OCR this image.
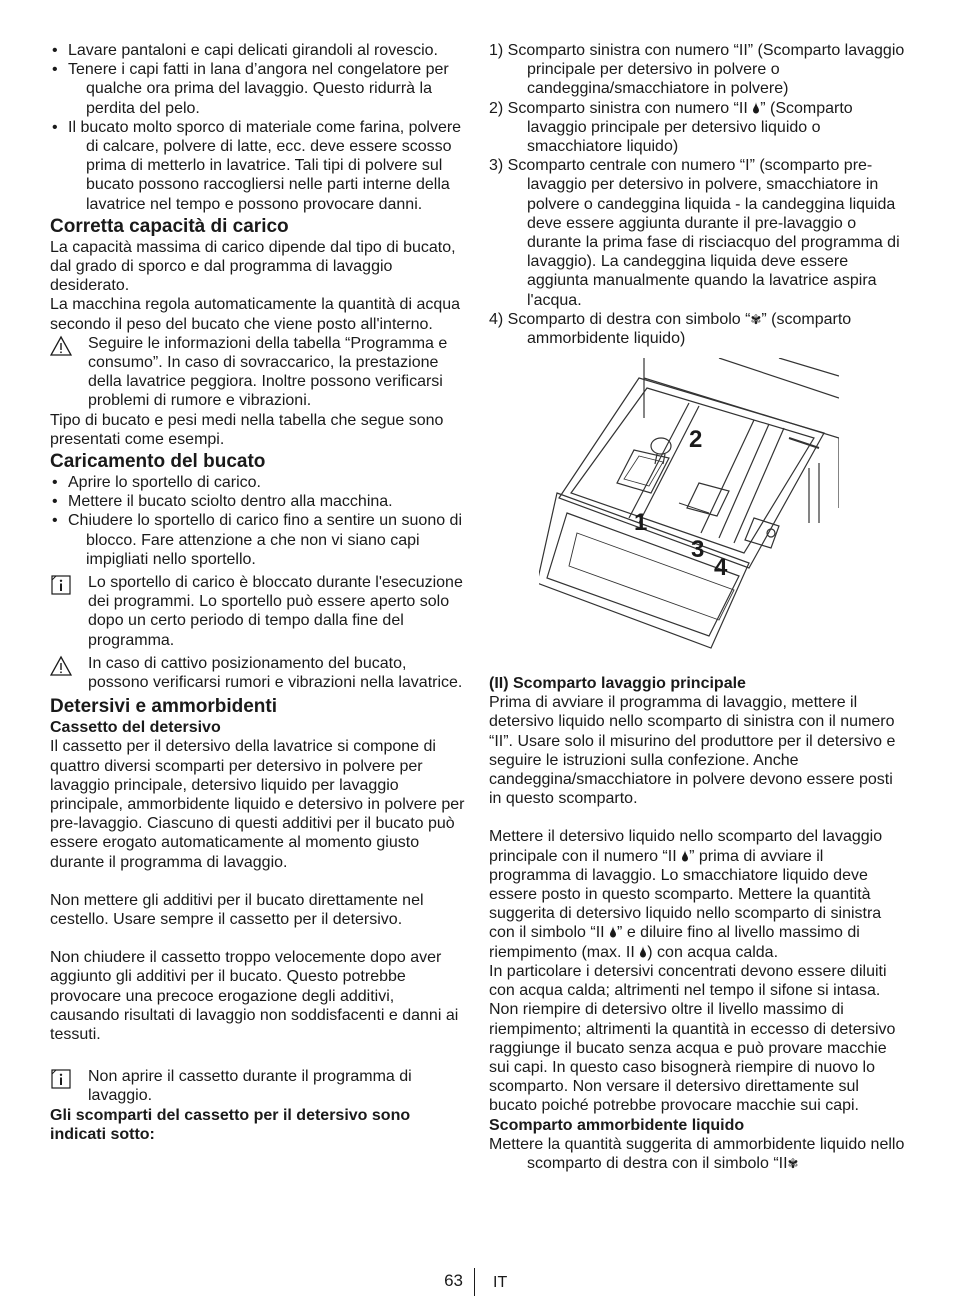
• Lavare pantaloni e capi delicati girandoli al rovescio.
• Tenere i capi fatti in lana d’angora nel congelatore per qualche ora prima del lavaggio. Questo ridurrà la perdita del pelo.
• Il bucato molto sporco di materiale come farina, polvere di calcare, polvere di latte, ecc. deve essere scosso prima di metterlo in lavatrice. Tali tipi di polvere sul bucato possono raccogliersi nelle parti interne della lavatrice nel tempo e possono provocare danni.
Corretta capacità di carico

La capacità massima di carico dipende dal tipo di bucato, dal grado di sporco e dal programma di lavaggio desiderato.

La macchina regola automaticamente la quantità di acqua secondo il peso del bucato che viene posto all'interno.

Seguire le informazioni della tabella “Programma e consumo”. In caso di sovraccarico, la prestazione della lavatrice peggiora. Inoltre possono verificarsi problemi di rumore e vibrazioni.

Tipo di bucato e pesi medi nella tabella che segue sono presentati come esempi.

Caricamento del bucato
• Aprire lo sportello di carico.
• Mettere il bucato sciolto dentro alla macchina.
• Chiudere lo sportello di carico fino a sentire un suono di blocco. Fare attenzione a che non vi siano capi impigliati nello sportello.

Lo sportello di carico è bloccato durante l'esecuzione dei programmi. Lo sportello può essere aperto solo dopo un certo periodo di tempo dalla fine del programma.

In caso di cattivo posizionamento del bucato, possono verificarsi rumori e vibrazioni nella lavatrice.

Detersivi e ammorbidenti
Cassetto del detersivo

Il cassetto per il detersivo della lavatrice si compone di quattro diversi scomparti per detersivo in polvere per lavaggio principale, detersivo liquido per lavaggio principale, ammorbidente liquido e detersivo in polvere per pre-lavaggio. Ciascuno di questi additivi per il bucato può essere erogato automaticamente al momento giusto durante il programma di lavaggio.

Non mettere gli additivi per il bucato direttamente nel cestello. Usare sempre il cassetto per il detersivo.

Non chiudere il cassetto troppo velocemente dopo aver aggiunto gli additivi per il bucato. Questo potrebbe provocare una precoce erogazione degli additivi, causando risultati di lavaggio non soddisfacenti e danni ai tessuti.

Non aprire il cassetto durante il programma di lavaggio.

Gli scomparti del cassetto per il detersivo sono indicati sotto:
1) Scomparto sinistra con numero “II” (Scomparto lavaggio principale per detersivo in polvere o candeggina/smacchiatore in polvere)
2) Scomparto sinistra con numero “II ” (Scomparto lavaggio principale per detersivo liquido o smacchiatore liquido)
3) Scomparto centrale con numero “I” (scomparto pre-lavaggio per detersivo in polvere, smacchiatore in polvere o candeggina liquida - la candeggina liquida deve essere aggiunta durante il pre-lavaggio o durante la prima fase di risciacquo del programma di lavaggio). La candeggina liquida deve essere aggiunta manualmente quando la lavatrice aspira l'acqua.
4) Scomparto di destra con simbolo “✾” (scomparto ammorbidente liquido)
2
1
3
4
(II) Scomparto lavaggio principale

Prima di avviare il programma di lavaggio, mettere il detersivo liquido nello scomparto di sinistra con il numero “II”. Usare solo il misurino del produttore per il detersivo e seguire le istruzioni sulla confezione. Anche candeggina/smacchiatore in polvere devono essere posti in questo scomparto.

Mettere il detersivo liquido nello scomparto del lavaggio principale con il numero “II ” prima di avviare il programma di lavaggio. Lo smacchiatore liquido deve essere posto in questo scomparto. Mettere la quantità suggerita di detersivo liquido nello scomparto di sinistra con il simbolo “II ” e diluire fino al livello massimo di riempimento (max. II ) con acqua calda.

In particolare i detersivi concentrati devono essere diluiti con acqua calda; altrimenti nel tempo il sifone si intasa.

Non riempire di detersivo oltre il livello massimo di riempimento; altrimenti la quantità in eccesso di detersivo raggiunge il bucato senza acqua e può provare macchie sui capi. In questo caso bisognerà riempire di nuovo lo scomparto. Non versare il detersivo direttamente sul bucato poiché potrebbe provocare macchie sui capi.

Scomparto ammorbidente liquido

Mettere la quantità suggerita di ammorbidente liquido nello scomparto di destra con il simbolo “II✾

63 IT
